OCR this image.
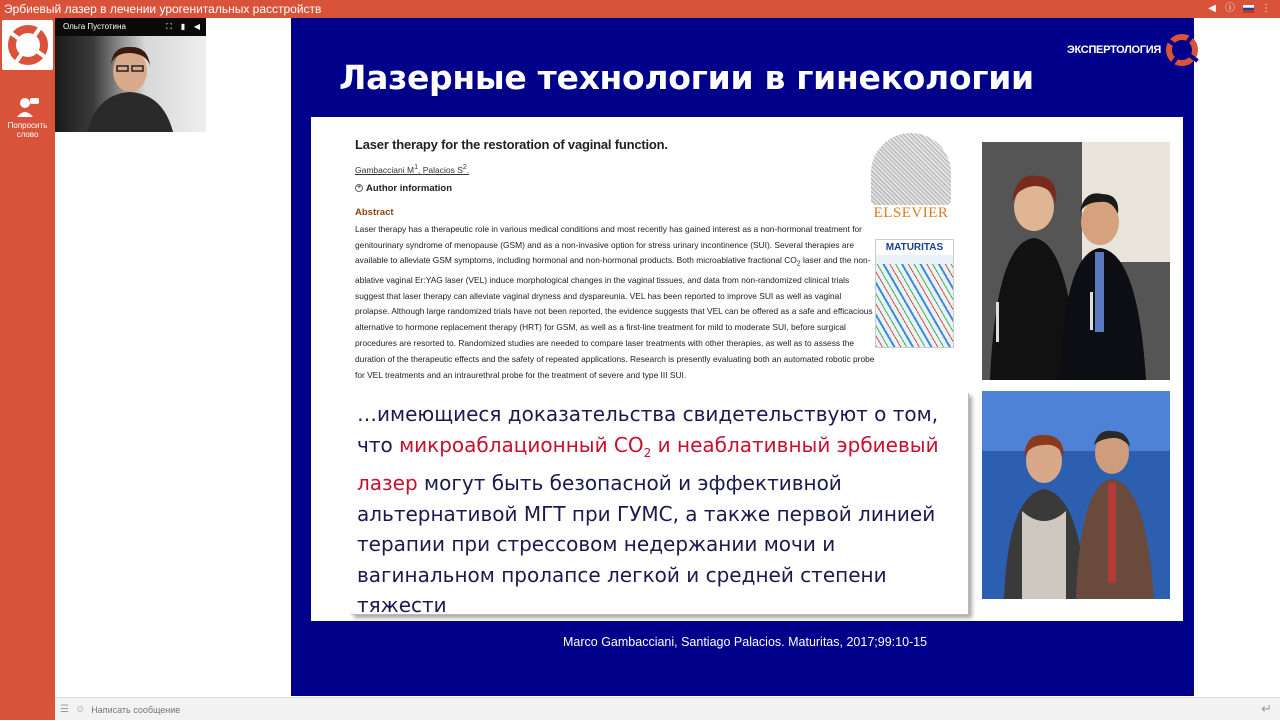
Эрбиевый лазер в лечении урогенитальных расстройств	◀ ⓘ	⋮
…
Попросить
слово
Ольга Пустотина	⛶	▮	◀
ЭКСПЕРТОЛОГИЯ
Лазерные технологии в гинекологии
Laser therapy for the restoration of vaginal function.
Gambacciani $M^1$, Palacios $S^2$.
+ Author information
Abstract
Laser therapy has a therapeutic role in various medical conditions and most recently has gained interest as a non-hormonal treatment for genitourinary syndrome of menopause (GSM) and as a non-invasive option for stress urinary incontinence (SUI). Several therapies are available to alleviate GSM symptoms, including hormonal and non-hormonal products. Both microablative fractional $CO_2$ laser and the non-ablative vaginal Er:YAG laser (VEL) induce morphological changes in the vaginal tissues, and data from non-randomized clinical trials suggest that laser therapy can alleviate vaginal dryness and dyspareunia. VEL has been reported to improve SUI as well as vaginal prolapse. Although large randomized trials have not been reported, the evidence suggests that VEL can be offered as a safe and efficacious alternative to hormone replacement therapy (HRT) for GSM, as well as a first-line treatment for mild to moderate SUI, before surgical procedures are resorted to. Randomized studies are needed to compare laser treatments with other therapies, as well as to assess the duration of the therapeutic effects and the safety of repeated applications. Research is presently evaluating both an automated robotic probe for VEL treatments and an intraurethral probe for the treatment of severe and type III SUI.
ELSEVIER
MATURITAS
…имеющиеся доказательства свидетельствуют о том, что микроаблационный $CO_2$ и неаблативный эрбиевый лазер могут быть безопасной и эффективной альтернативой МГТ при ГУМС, а также первой линией терапии при стрессовом недержании мочи и вагинальном пролапсе легкой и средней степени тяжести
Marco Gambacciani, Santiago Palacios. Maturitas, 2017;99:10-15
☰ ☺
Написать сообщение	↵
